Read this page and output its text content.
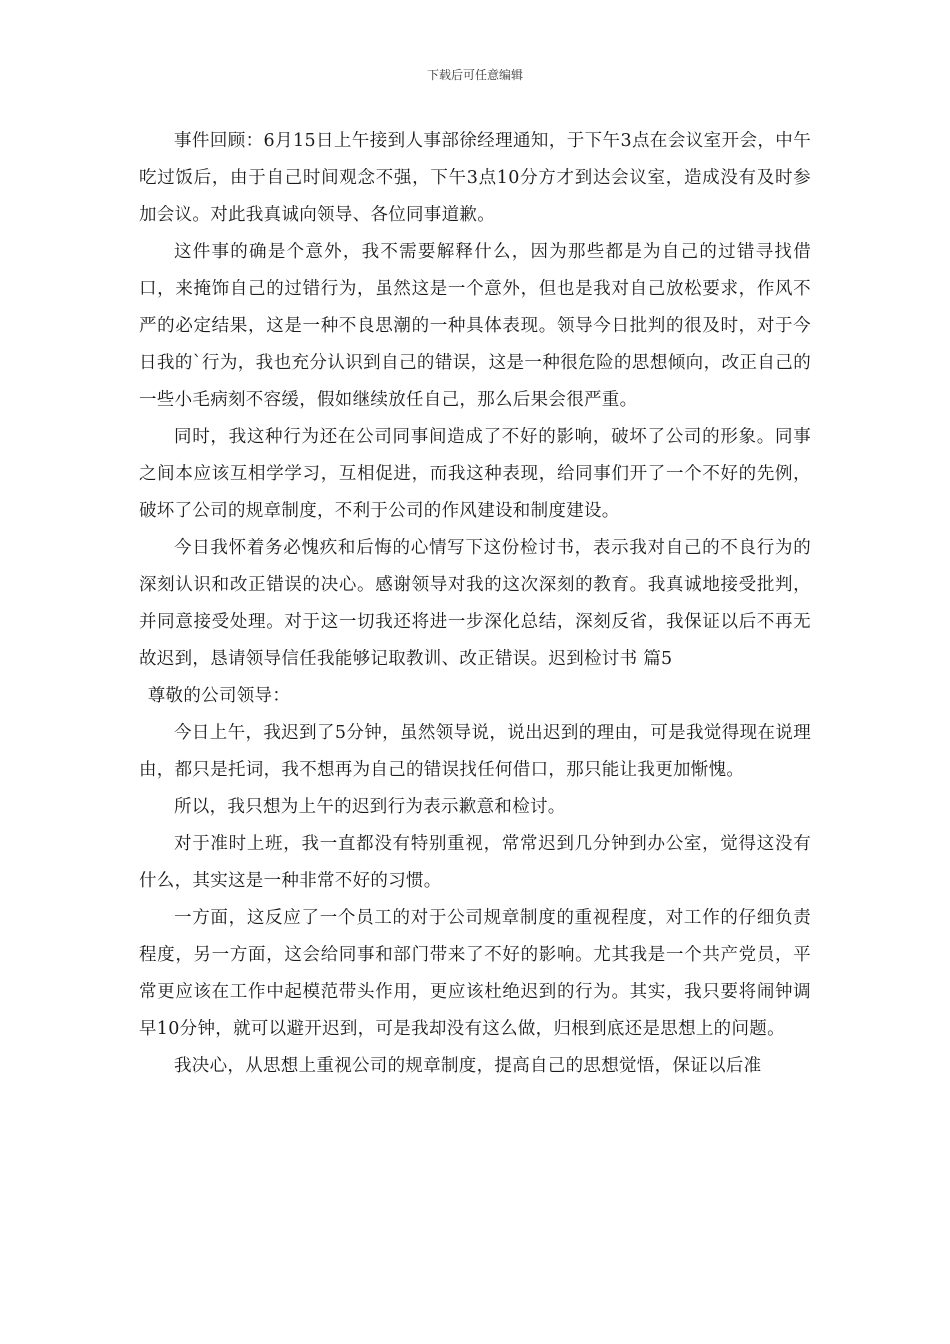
下载后可任意编辑

事件回顾：6月15日上午接到人事部徐经理通知，于下午3点在会议室开会，中午吃过饭后，由于自己时间观念不强，下午3点10分方才到达会议室，造成没有及时参加会议。对此我真诚向领导、各位同事道歉。

这件事的确是个意外，我不需要解释什么，因为那些都是为自己的过错寻找借口，来掩饰自己的过错行为，虽然这是一个意外，但也是我对自己放松要求，作风不严的必定结果，这是一种不良思潮的一种具体表现。领导今日批判的很及时，对于今日我的`行为，我也充分认识到自己的错误，这是一种很危险的思想倾向，改正自己的一些小毛病刻不容缓，假如继续放任自己，那么后果会很严重。

同时，我这种行为还在公司同事间造成了不好的影响，破坏了公司的形象。同事之间本应该互相学学习，互相促进，而我这种表现，给同事们开了一个不好的先例，破坏了公司的规章制度，不利于公司的作风建设和制度建设。

今日我怀着务必愧疚和后悔的心情写下这份检讨书，表示我对自己的不良行为的深刻认识和改正错误的决心。感谢领导对我的这次深刻的教育。我真诚地接受批判，并同意接受处理。对于这一切我还将进一步深化总结，深刻反省，我保证以后不再无故迟到，恳请领导信任我能够记取教训、改正错误。迟到检讨书 篇5

尊敬的公司领导：

今日上午，我迟到了5分钟，虽然领导说，说出迟到的理由，可是我觉得现在说理由，都只是托词，我不想再为自己的错误找任何借口，那只能让我更加惭愧。

所以，我只想为上午的迟到行为表示歉意和检讨。

对于准时上班，我一直都没有特别重视，常常迟到几分钟到办公室，觉得这没有什么，其实这是一种非常不好的习惯。

一方面，这反应了一个员工的对于公司规章制度的重视程度，对工作的仔细负责程度，另一方面，这会给同事和部门带来了不好的影响。尤其我是一个共产党员，平常更应该在工作中起模范带头作用，更应该杜绝迟到的行为。其实，我只要将闹钟调早10分钟，就可以避开迟到，可是我却没有这么做，归根到底还是思想上的问题。

我决心，从思想上重视公司的规章制度，提高自己的思想觉悟，保证以后准
